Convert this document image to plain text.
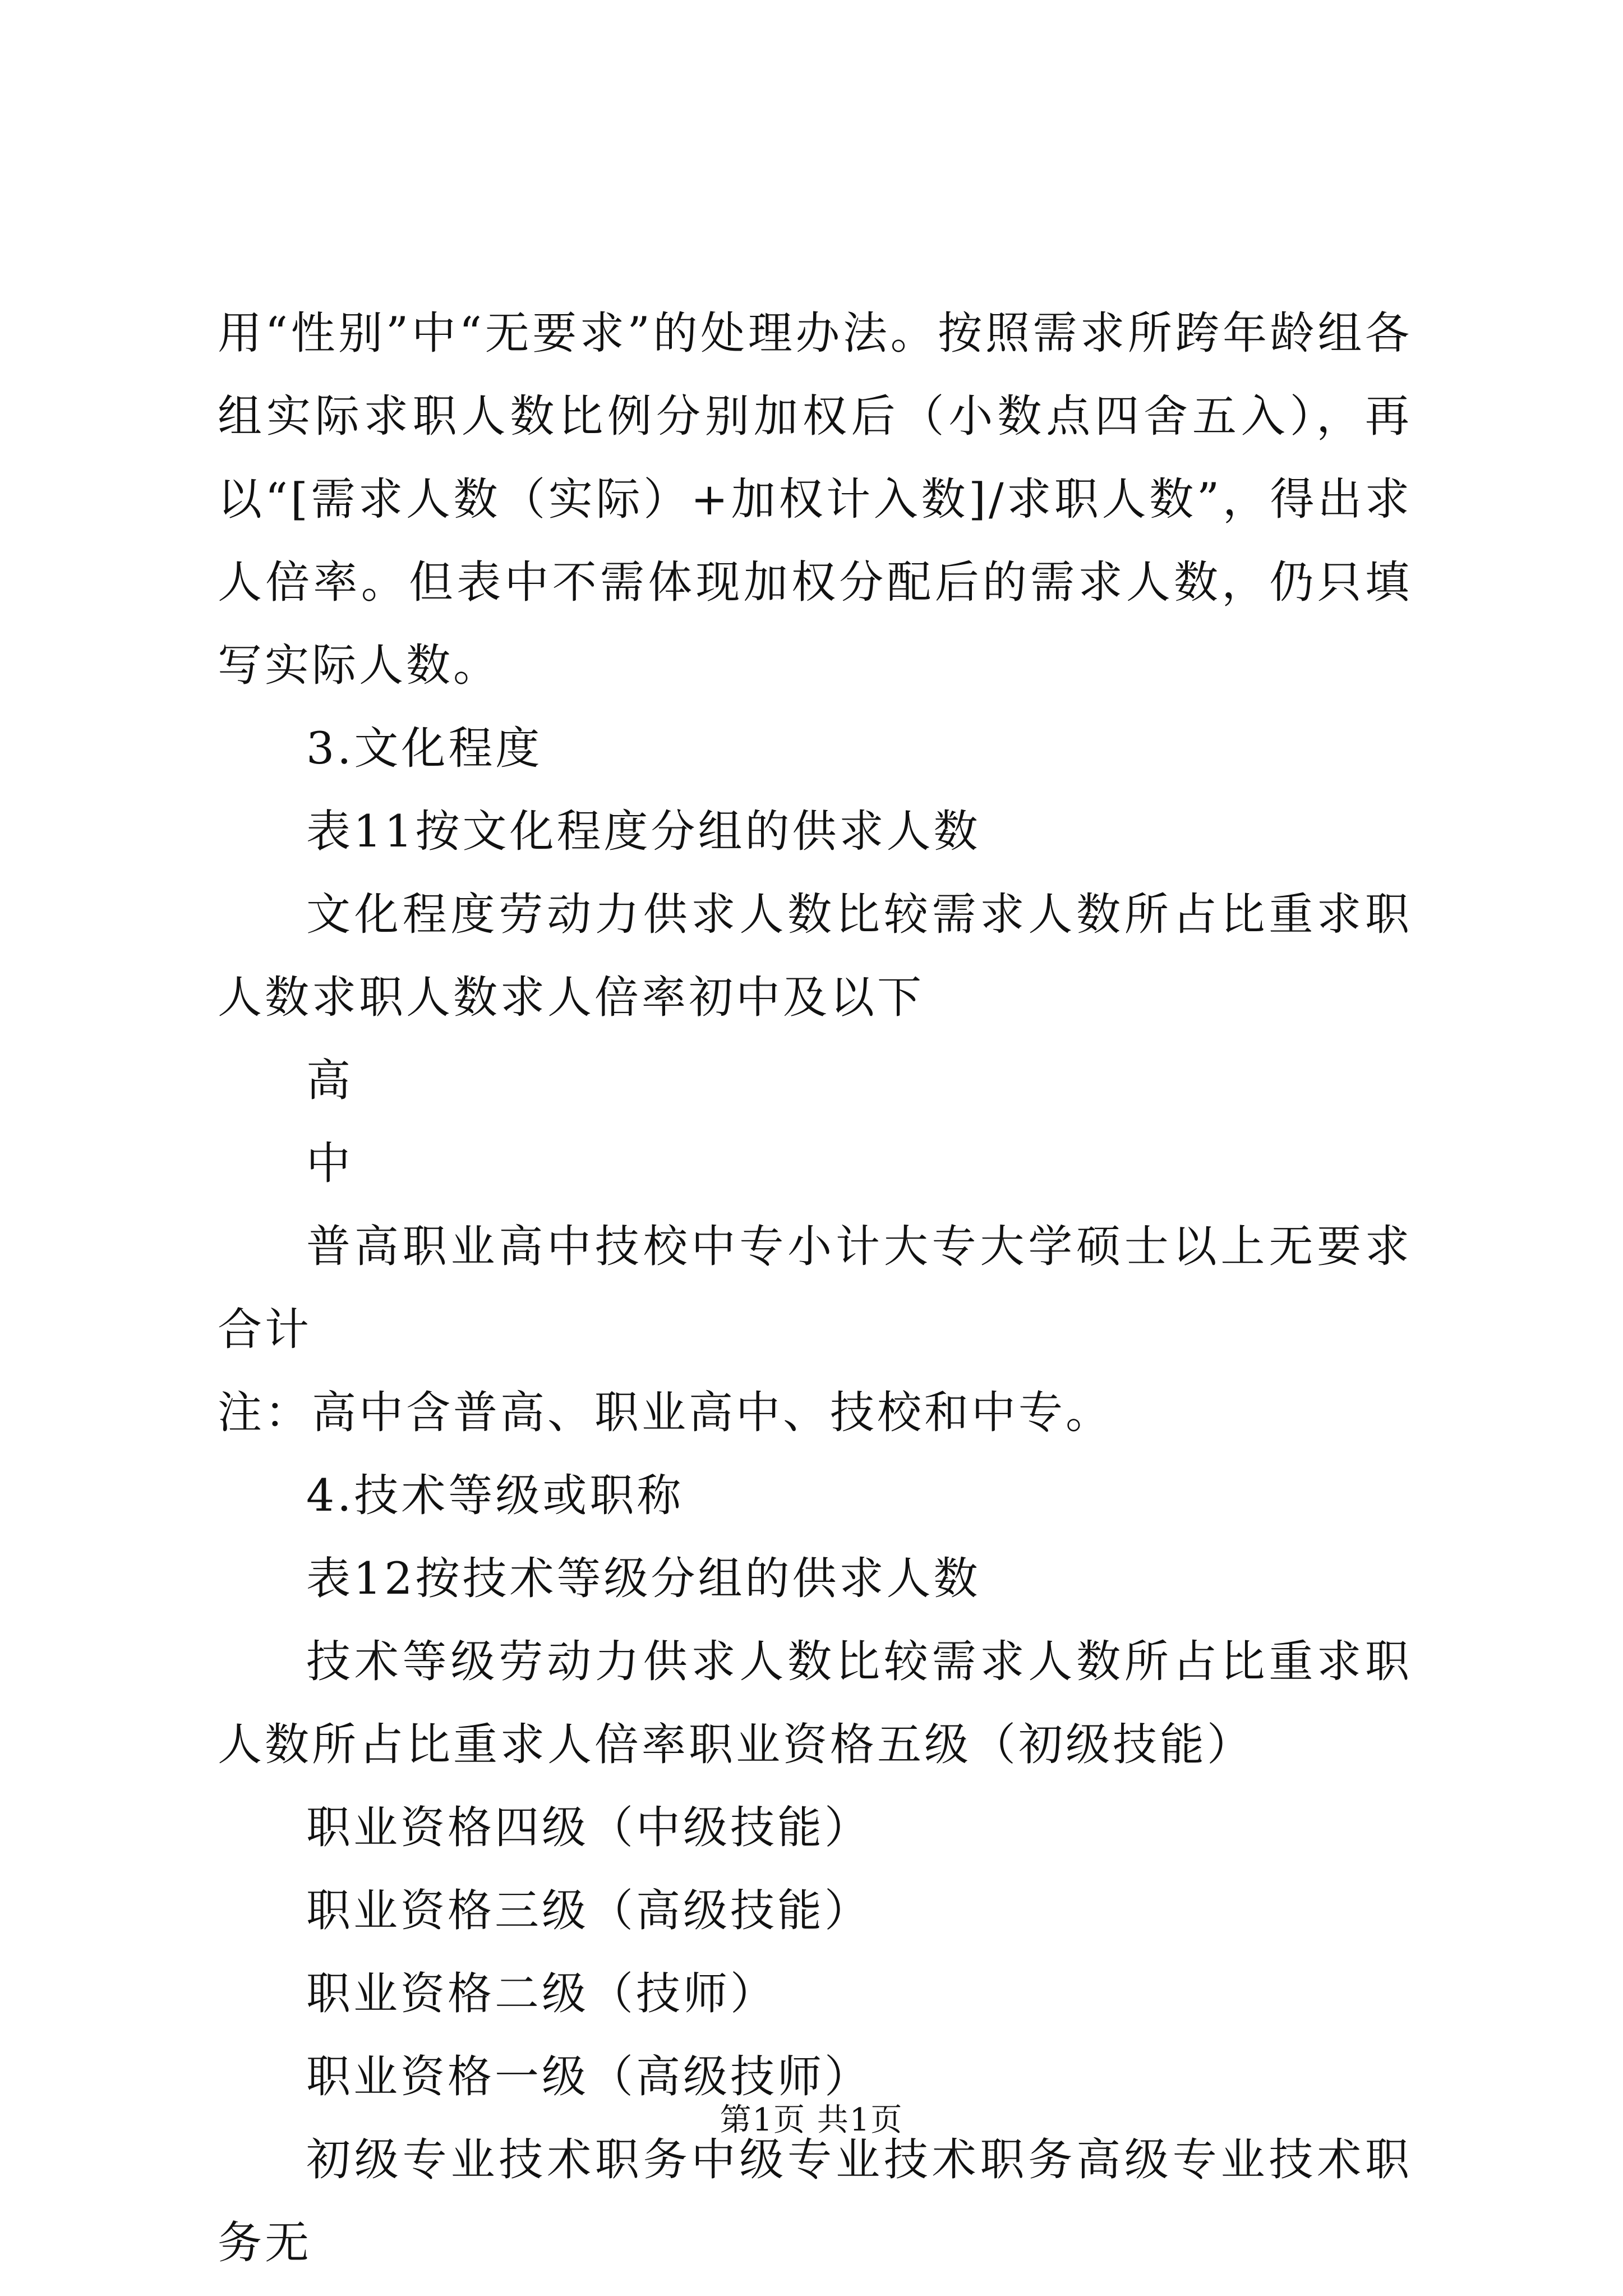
用“性别”中“无要求”的处理办法。按照需求所跨年龄组各组实际求职人数比例分别加权后（小数点四舍五入），再以“[需求人数（实际）+加权计入数]/求职人数”，得出求人倍率。但表中不需体现加权分配后的需求人数，仍只填写实际人数。

3.文化程度

表11按文化程度分组的供求人数

文化程度劳动力供求人数比较需求人数所占比重求职人数求职人数求人倍率初中及以下

高

中

普高职业高中技校中专小计大专大学硕士以上无要求合计

注：高中含普高、职业高中、技校和中专。

4.技术等级或职称

表12按技术等级分组的供求人数

技术等级劳动力供求人数比较需求人数所占比重求职人数所占比重求人倍率职业资格五级（初级技能）

职业资格四级（中级技能）

职业资格三级（高级技能）

职业资格二级（技师）

职业资格一级（高级技师）

初级专业技术职务中级专业技术职务高级专业技术职务无

第1页 共1页
